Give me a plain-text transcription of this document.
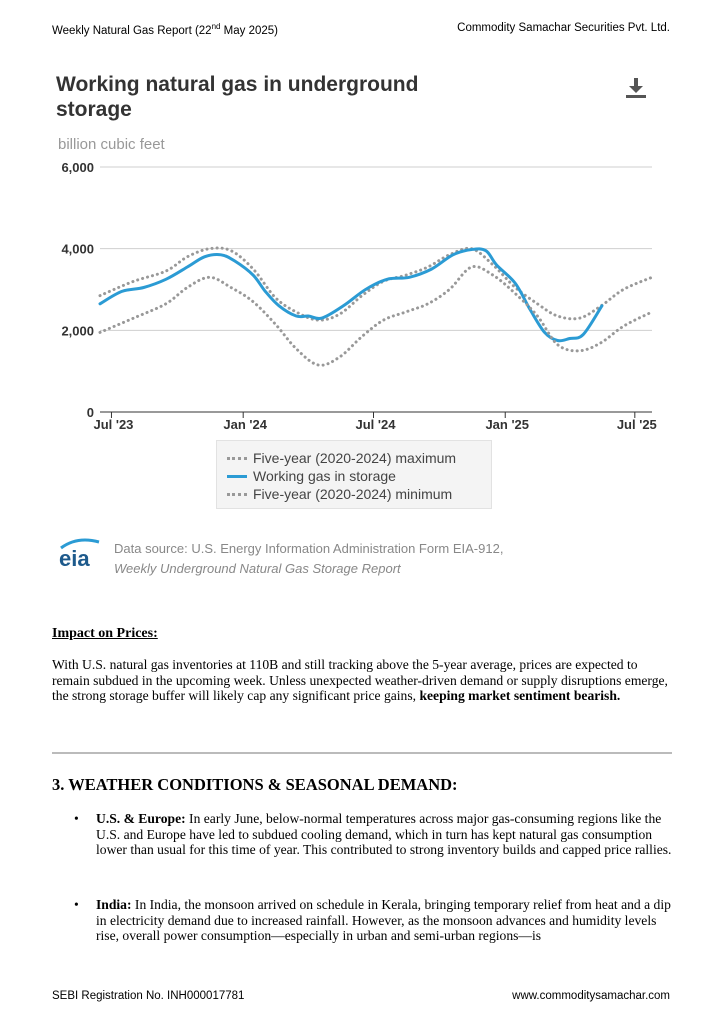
Weekly Natural Gas Report (22nd May 2025)	Commodity Samachar Securities Pvt. Ltd.
Working natural gas in underground storage
billion cubic feet
0
2,000
4,000
6,000
Jul '23	Jan '24	Jul '24	Jan '25	Jul '25
Five-year (2020-2024) maximum
Working gas in storage
Five-year (2020-2024) minimum
eia Data source: U.S. Energy Information Administration Form EIA-912,
Weekly Underground Natural Gas Storage Report
Impact on Prices:
With U.S. natural gas inventories at 110B and still tracking above the 5-year average, prices are expected to remain subdued in the upcoming week. Unless unexpected weather-driven demand or supply disruptions emerge, the strong storage buffer will likely cap any significant price gains, keeping market sentiment bearish.
3. WEATHER CONDITIONS & SEASONAL DEMAND:
• U.S. & Europe: In early June, below-normal temperatures across major gas-consuming regions like the U.S. and Europe have led to subdued cooling demand, which in turn has kept natural gas consumption lower than usual for this time of year. This contributed to strong inventory builds and capped price rallies.
• India: In India, the monsoon arrived on schedule in Kerala, bringing temporary relief from heat and a dip in electricity demand due to increased rainfall. However, as the monsoon advances and humidity levels rise, overall power consumption—especially in urban and semi-urban regions—is
SEBI Registration No. INH000017781	www.commoditysamachar.com
